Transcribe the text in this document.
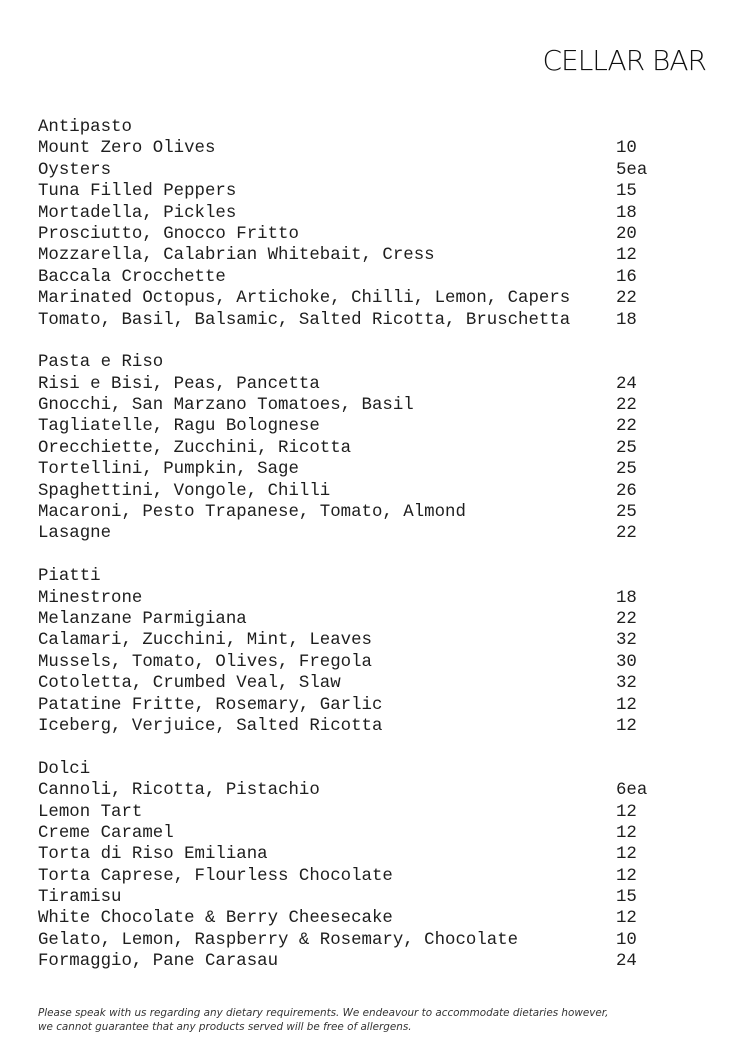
CELLAR BAR
Antipasto
Mount Zero Olives	10
Oysters	5ea
Tuna Filled Peppers	15
Mortadella, Pickles	18
Prosciutto, Gnocco Fritto	20
Mozzarella, Calabrian Whitebait, Cress	12
Baccala Crocchette	16
Marinated Octopus, Artichoke, Chilli, Lemon, Capers	22
Tomato, Basil, Balsamic, Salted Ricotta, Bruschetta	18
Pasta e Riso
Risi e Bisi, Peas, Pancetta	24
Gnocchi, San Marzano Tomatoes, Basil	22
Tagliatelle, Ragu Bolognese	22
Orecchiette, Zucchini, Ricotta	25
Tortellini, Pumpkin, Sage	25
Spaghettini, Vongole, Chilli	26
Macaroni, Pesto Trapanese, Tomato, Almond	25
Lasagne	22
Piatti
Minestrone	18
Melanzane Parmigiana	22
Calamari, Zucchini, Mint, Leaves	32
Mussels, Tomato, Olives, Fregola	30
Cotoletta, Crumbed Veal, Slaw	32
Patatine Fritte, Rosemary, Garlic	12
Iceberg, Verjuice, Salted Ricotta	12
Dolci
Cannoli, Ricotta, Pistachio	6ea
Lemon Tart	12
Creme Caramel	12
Torta di Riso Emiliana	12
Torta Caprese, Flourless Chocolate	12
Tiramisu	15
White Chocolate & Berry Cheesecake	12
Gelato, Lemon, Raspberry & Rosemary, Chocolate	10
Formaggio, Pane Carasau	24
Please speak with us regarding any dietary requirements. We endeavour to accommodate dietaries however,
we cannot guarantee that any products served will be free of allergens.
